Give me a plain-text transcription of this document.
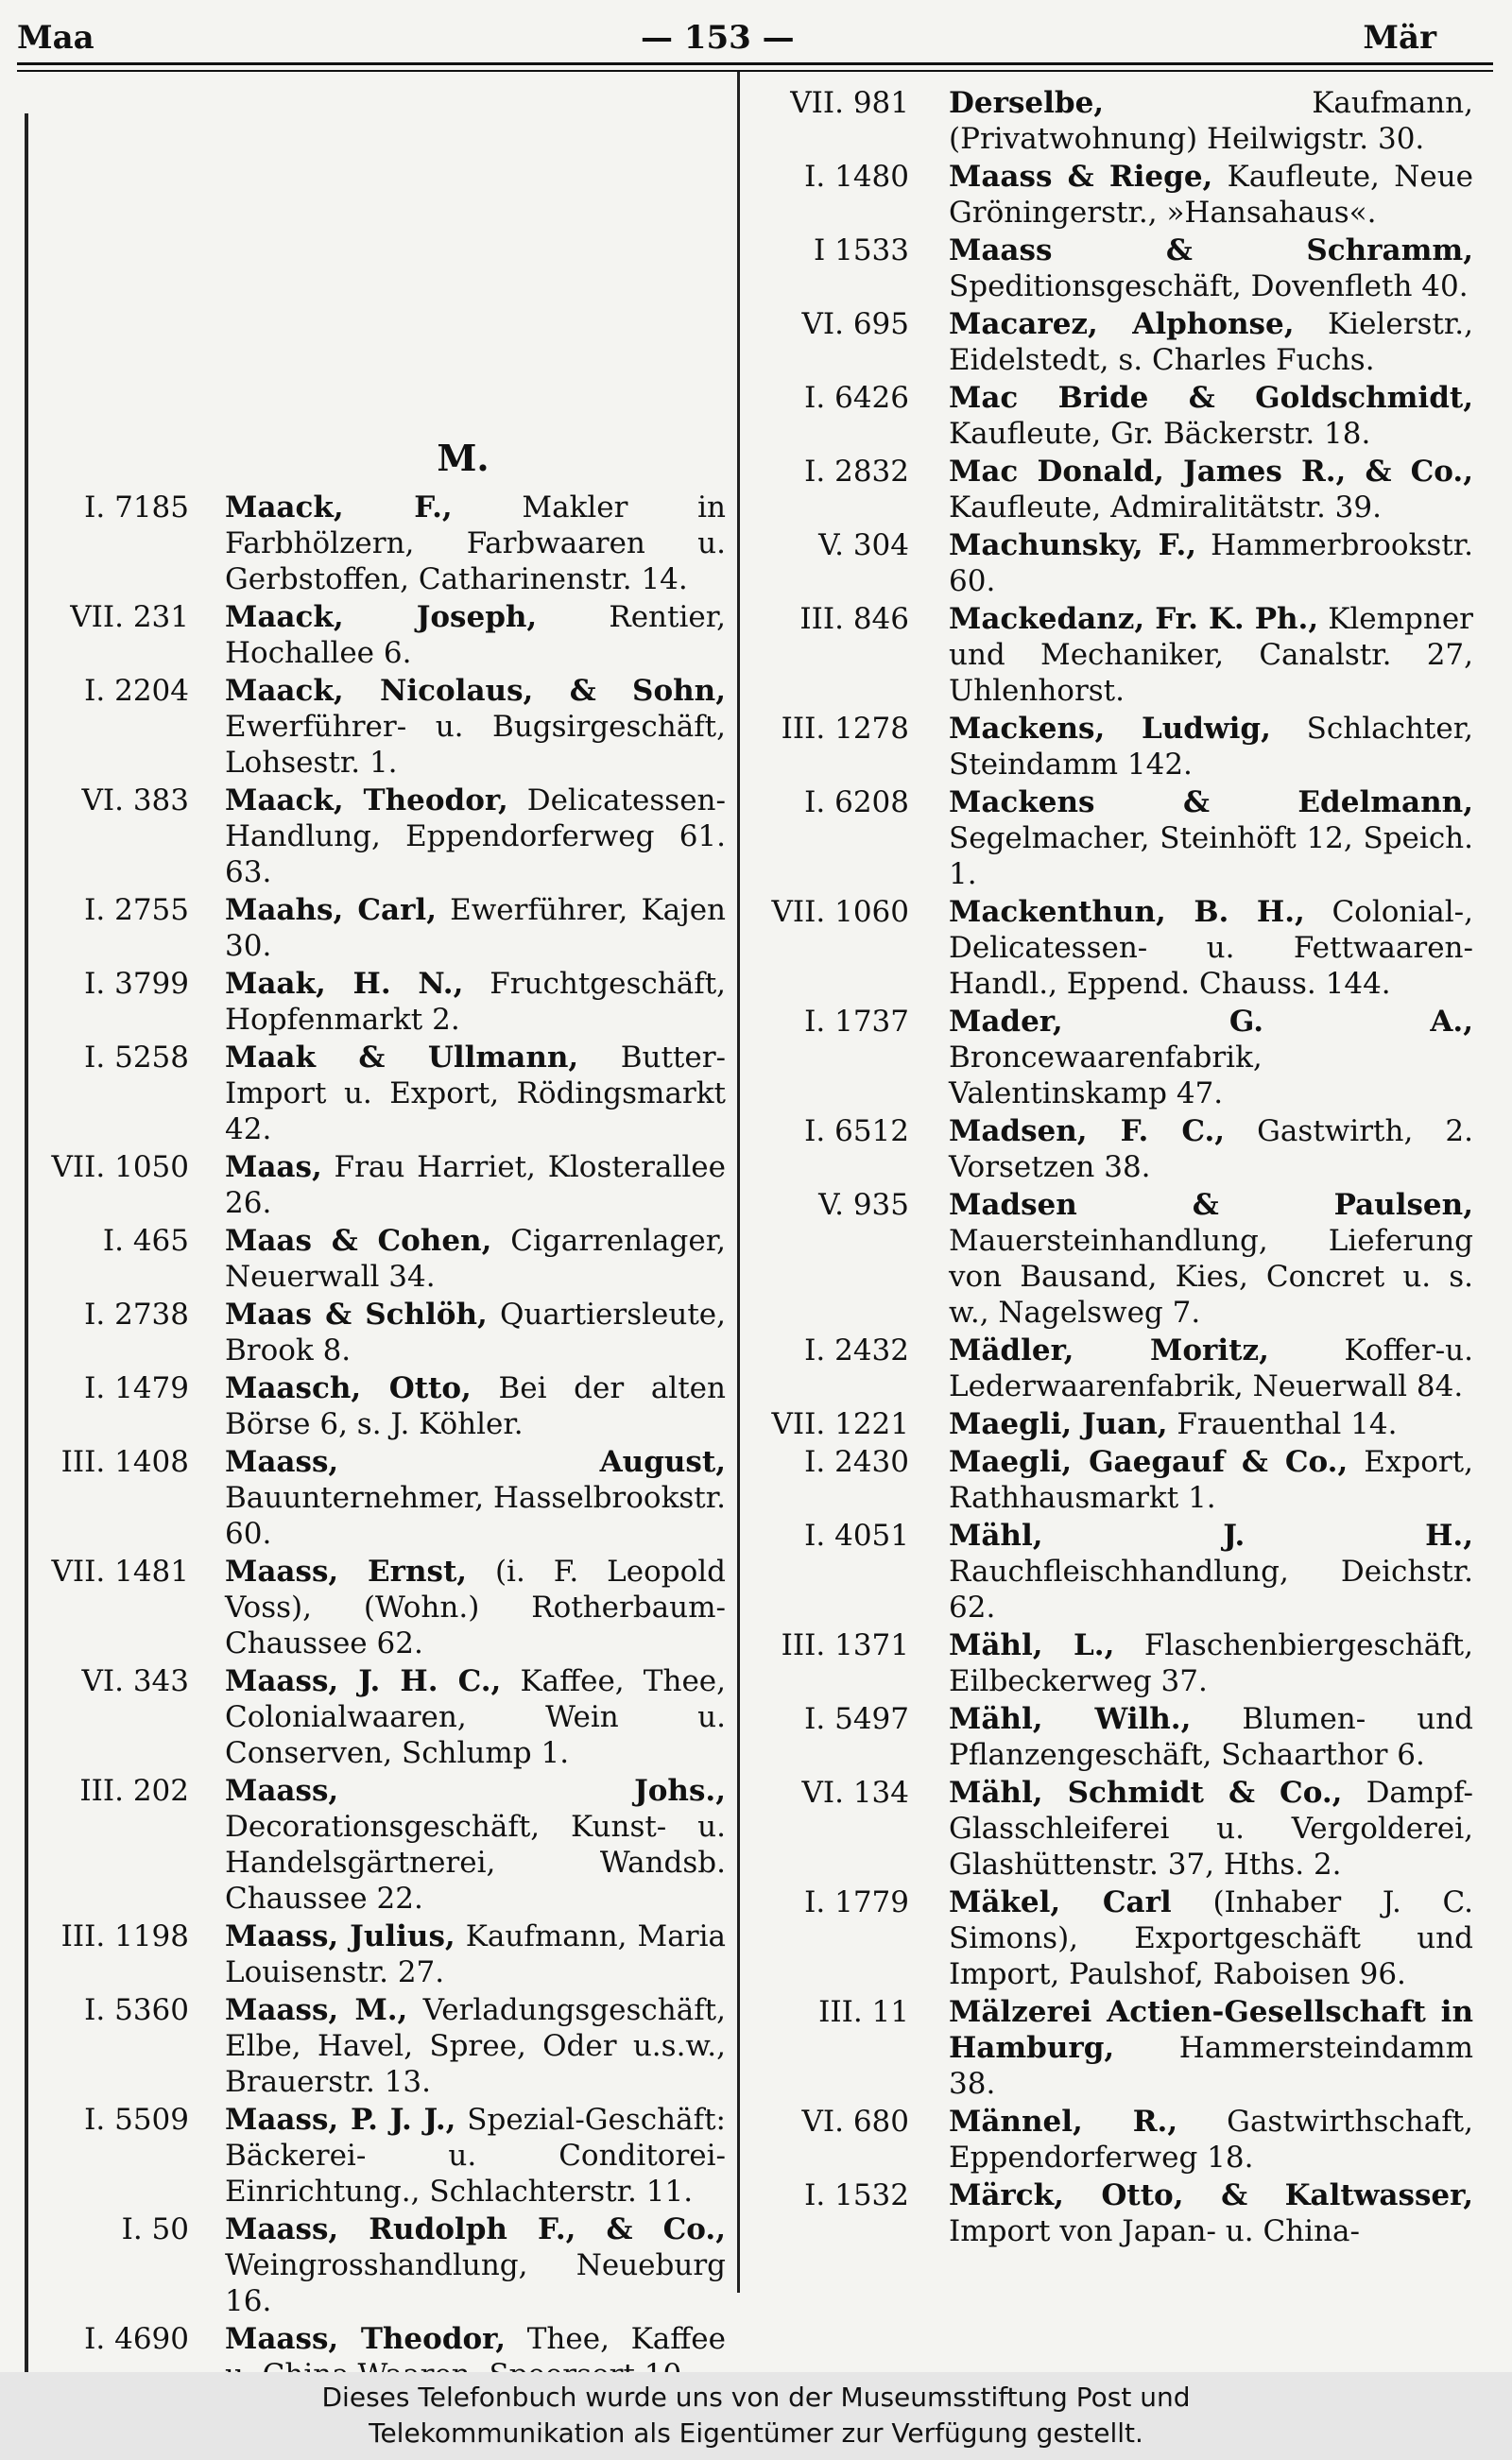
Maa	— 153 —	Mär
M.
I. 7185 Maack, F., Makler in Farbhölzern, Farbwaaren u. Gerbstoffen, Catharinenstr. 14.
VII. 231 Maack, Joseph, Rentier, Hochallee 6.
I. 2204 Maack, Nicolaus, & Sohn, Ewerführer- u. Bugsirgeschäft, Lohsestr. 1.
VI. 383 Maack, Theodor, Delicatessen-Handlung, Eppendorferweg 61. 63.
I. 2755 Maahs, Carl, Ewerführer, Kajen 30.
I. 3799 Maak, H. N., Fruchtgeschäft, Hopfenmarkt 2.
I. 5258 Maak & Ullmann, Butter-Import u. Export, Rödingsmarkt 42.
VII. 1050 Maas, Frau Harriet, Klosterallee 26.
I. 465 Maas & Cohen, Cigarrenlager, Neuerwall 34.
I. 2738 Maas & Schlöh, Quartiersleute, Brook 8.
I. 1479 Maasch, Otto, Bei der alten Börse 6, s. J. Köhler.
III. 1408 Maass, August, Bauunternehmer, Hasselbrookstr. 60.
VII. 1481 Maass, Ernst, (i. F. Leopold Voss), (Wohn.) Rotherbaum-Chaussee 62.
VI. 343 Maass, J. H. C., Kaffee, Thee, Colonialwaaren, Wein u. Conserven, Schlump 1.
III. 202 Maass, Johs., Decorationsgeschäft, Kunst- u. Handelsgärtnerei, Wandsb. Chaussee 22.
III. 1198 Maass, Julius, Kaufmann, Maria Louisenstr. 27.
I. 5360 Maass, M., Verladungsgeschäft, Elbe, Havel, Spree, Oder u.s.w., Brauerstr. 13.
I. 5509 Maass, P. J. J., Spezial-Geschäft: Bäckerei- u. Conditorei-Einrichtung., Schlachterstr. 11.
I. 50 Maass, Rudolph F., & Co., Weingrosshandlung, Neueburg 16.
I. 4690 Maass, Theodor, Thee, Kaffee
VII. 981 Derselbe, Kaufmann, (Privatwohnung) Heilwigstr. 30.
I. 1480 Maass & Riege, Kaufleute, Neue Gröningerstr., »Hansahaus«.
I 1533 Maass & Schramm, Speditionsgeschäft, Dovenfleth 40.
VI. 695 Macarez, Alphonse, Kielerstr., Eidelstedt, s. Charles Fuchs.
I. 6426 Mac Bride & Goldschmidt, Kaufleute, Gr. Bäckerstr. 18.
I. 2832 Mac Donald, James R., & Co., Kaufleute, Admiralitätstr. 39.
V. 304 Machunsky, F., Hammerbrookstr. 60.
III. 846 Mackedanz, Fr. K. Ph., Klempner und Mechaniker, Canalstr. 27, Uhlenhorst.
III. 1278 Mackens, Ludwig, Schlachter, Steindamm 142.
I. 6208 Mackens & Edelmann, Segelmacher, Steinhöft 12, Speich. 1.
VII. 1060 Mackenthun, B. H., Colonial-, Delicatessen- u. Fettwaaren-Handl., Eppend. Chauss. 144.
I. 1737 Mader, G. A., Broncewaarenfabrik, Valentinskamp 47.
I. 6512 Madsen, F. C., Gastwirth, 2. Vorsetzen 38.
V. 935 Madsen & Paulsen, Mauersteinhandlung, Lieferung von Bausand, Kies, Concret u. s. w., Nagelsweg 7.
I. 2432 Mädler, Moritz, Koffer-u. Lederwaarenfabrik, Neuerwall 84.
VII. 1221 Maegli, Juan, Frauenthal 14.
I. 2430 Maegli, Gaegauf & Co., Export, Rathhausmarkt 1.
I. 4051 Mähl, J. H., Rauchfleischhandlung, Deichstr. 62.
III. 1371 Mähl, L., Flaschenbiergeschäft, Eilbeckerweg 37.
I. 5497 Mähl, Wilh., Blumen- und Pflanzengeschäft, Schaarthor 6.
VI. 134 Mähl, Schmidt & Co., Dampf-Glasschleiferei u. Vergolderei, Glashüttenstr. 37, Hths. 2.
I. 1779 Mäkel, Carl (Inhaber J. C. Simons), Exportgeschäft und Import, Paulshof, Raboisen 96.
III. 11 Mälzerei Actien-Gesellschaft in Hamburg, Hammersteindamm 38.
VI. 680 Männel, R., Gastwirthschaft, Eppendorferweg 18.
I. 1532 Märck, Otto, & Kaltwasser, Import von Japan- u. China-
Dieses Telefonbuch wurde uns von der Museumsstiftung Post und
Telekommunikation als Eigentümer zur Verfügung gestellt.
